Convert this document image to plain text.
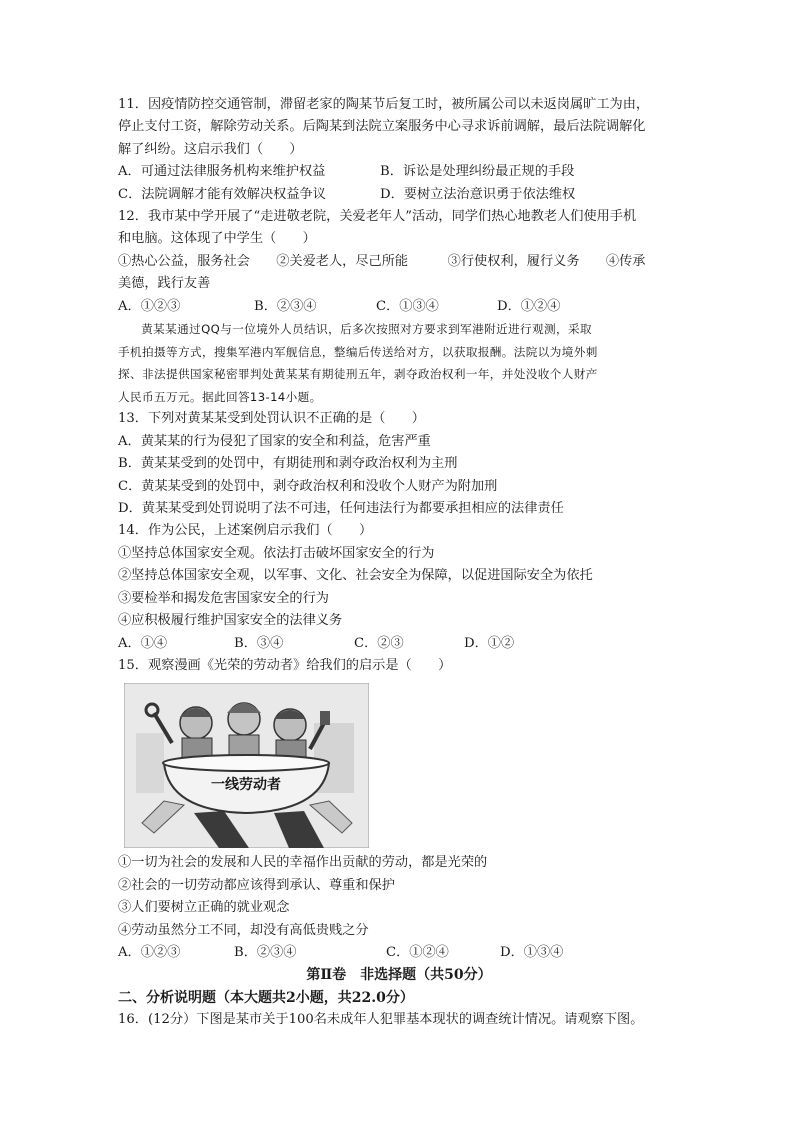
11．因疫情防控交通管制，滞留老家的陶某节后复工时，被所属公司以未返岗属旷工为由，
停止支付工资，解除劳动关系。后陶某到法院立案服务中心寻求诉前调解，最后法院调解化
解了纠纷。这启示我们（　　）
A．可通过法律服务机构来维护权益	B．诉讼是处理纠纷最正规的手段
C．法院调解才能有效解决权益争议	D．要树立法治意识勇于依法维权
12．我市某中学开展了“走进敬老院，关爱老年人”活动，同学们热心地教老人们使用手机
和电脑。这体现了中学生（　　）
①热心公益，服务社会　　②关爱老人，尽己所能　　　③行使权利，履行义务　　④传承
美德，践行友善
A．①②③	B．②③④	C．①③④	D．①②④
黄某某通过QQ与一位境外人员结识，后多次按照对方要求到军港附近进行观测，采取
手机拍摄等方式，搜集军港内军舰信息，整编后传送给对方，以获取报酬。法院以为境外刺
探、非法提供国家秘密罪判处黄某某有期徒刑五年，剥夺政治权利一年，并处没收个人财产
人民币五万元。据此回答13-14小题。
13．下列对黄某某受到处罚认识不正确的是（　　）
A．黄某某的行为侵犯了国家的安全和利益，危害严重
B．黄某某受到的处罚中，有期徒刑和剥夺政治权利为主刑
C．黄某某受到的处罚中，剥夺政治权利和没收个人财产为附加刑
D．黄某某受到处罚说明了法不可违，任何违法行为都要承担相应的法律责任
14．作为公民，上述案例启示我们（　　）
①坚持总体国家安全观。依法打击破坏国家安全的行为
②坚持总体国家安全观，以军事、文化、社会安全为保障，以促进国际安全为依托
③要检举和揭发危害国家安全的行为
④应积极履行维护国家安全的法律义务
A．①④	B．③④	C．②③	D．①②
15．观察漫画《光荣的劳动者》给我们的启示是（　　）
一线劳动者
①一切为社会的发展和人民的幸福作出贡献的劳动，都是光荣的
②社会的一切劳动都应该得到承认、尊重和保护
③人们要树立正确的就业观念
④劳动虽然分工不同，却没有高低贵贱之分
A．①②③	B．②③④	C．①②④	D．①③④
第Ⅱ卷　非选择题（共50分）
二、分析说明题（本大题共2小题，共22.0分）
16．(12分）下图是某市关于100名未成年人犯罪基本现状的调查统计情况。请观察下图。
